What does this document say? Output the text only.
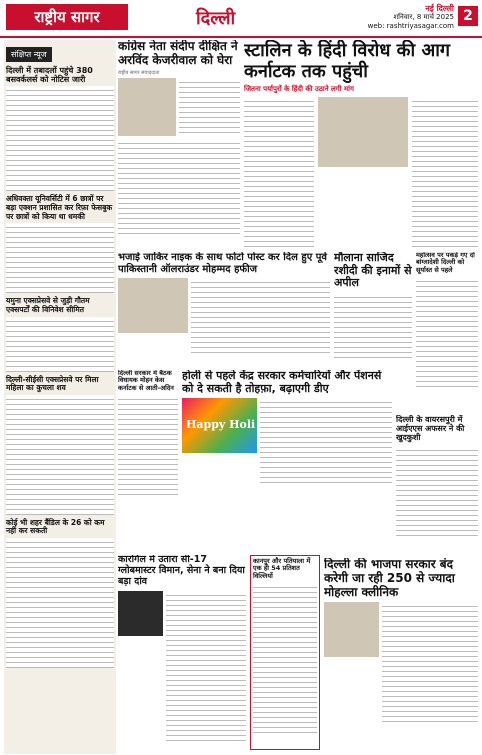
राष्ट्रीय सागर	दिल्ली	नई दिल्ली
शनिवार, 8 मार्च 2025
web: rashtriyasagar.com
2
संक्षिप्त न्यूज
दिल्ली में तबादलों पहुंचे 380 बसवर्कलर्स को नोटिस जारी
अधिवक्ता यूनिवर्सिटी में 6 छात्रों पर बड़ा एक्शन प्रशासित कर रिफ़ा फेसबुक पर छात्रों को किया था धमकी
यमुना एक्सप्रेसवे से जुड़ी गौतम एक्सपर्टों की विनिवेश सीमित
दिल्ली-सीईसी एक्सप्रेसवे पर मिला महिला का कुचला शव
कोई भी शहर बैंडिल के 26 को कम नहीं कर सकती
कांग्रेस नेता संदीप दीक्षित ने अरविंद केजरीवाल को घेरा
राष्ट्रीय सागर संवाददाता
स्टालिन के हिंदी विरोध की आग कर्नाटक तक पहुंची
जितना पर्यापुरों के हिंदी की उठाने लगी मांग
भजाई जाकिर नाइक के साथ फोटो पोस्ट कर दिल हुए पूर्व पाकिस्तानी ऑलराउंडर मोहम्मद हफीज
मौलाना साजिद रशीदी की इनामों से अपील
महोत्सव पर पकड़े गए दो बांग्लादेशी दिल्ली को सूर्यास्त से पहले
दिल्ली सरकार में बैठक विधायक मोहन केस कर्नाटक से आती-अदिन
होली से पहले केंद्र सरकार कर्मचारियों और पेंशनर्स को दे सकती है तोहफ़ा, बढ़ाएगी डीए
Happy Holi	दिल्ली के वायरसपुरी में आईएएस अफसर ने की खुदकुशी
कारगिल में उतारा सी-17 ग्लोबमास्टर विमान, सेना ने बना दिया बड़ा दांव
कानपुर और पतियाला में एक ही 54 प्रतिशत विल्लियों
दिल्ली की भाजपा सरकार बंद करेगी जा रही 250 से ज्यादा मोहल्ला क्लीनिक
